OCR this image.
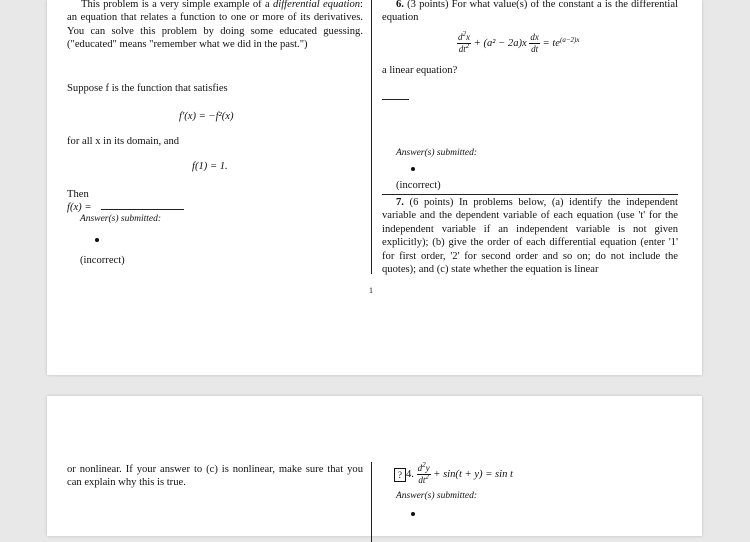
This problem is a very simple example of a differential equation: an equation that relates a function to one or more of its derivatives. You can solve this problem by doing some educated guessing. ("educated" means "remember what we did in the past.")
Suppose f is the function that satisfies
f′(x) = −f²(x)
for all x in its domain, and
f(1) = 1.
Then
f(x) =
Answer(s) submitted:
(incorrect)
1
6. (3 points) For what value(s) of the constant a is the differential equation
$\frac{d^2x}{dt^2} + (a^2 - 2a)x \frac{dx}{dt} = te^{(a-2)x}$
a linear equation?
Answer(s) submitted:
(incorrect)
7. (6 points) In problems below, (a) identify the independent variable and the dependent variable of each equation (use 't' for the independent variable if an independent variable is not given explicitly); (b) give the order of each differential equation (enter '1' for first order, '2' for second order and so on; do not include the quotes); and (c) state whether the equation is linear
or nonlinear. If your answer to (c) is nonlinear, make sure that you can explain why this is true.
? 4. $\frac{d^2y}{dt^2} + \sin(t + y) = \sin t$
Answer(s) submitted:
